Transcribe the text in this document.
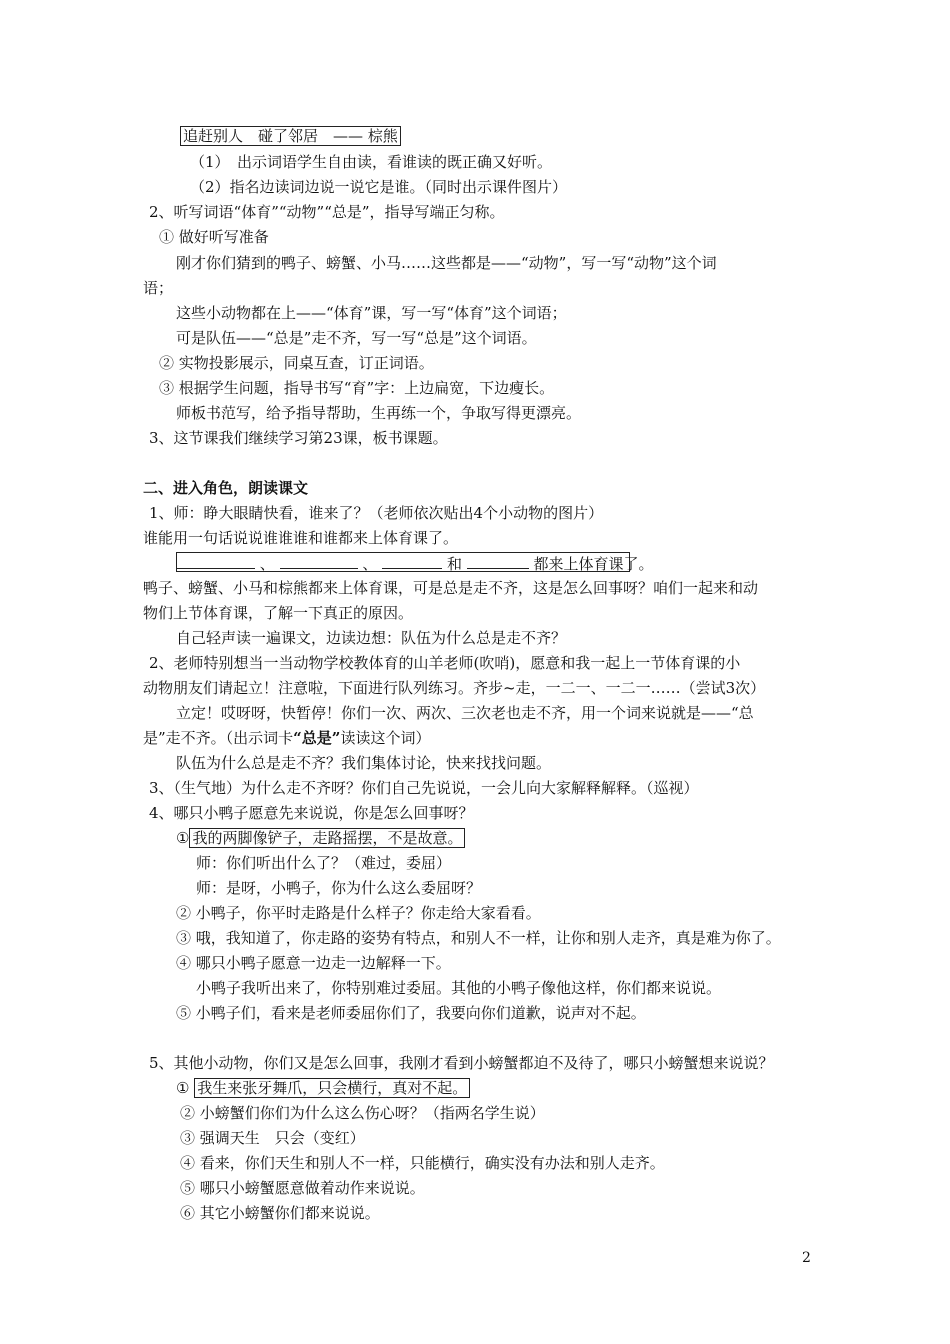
追赶别人　碰了邻居　—— 棕熊
（1）　出示词语学生自由读，看谁读的既正确又好听。
（2）指名边读词边说一说它是谁。（同时出示课件图片）
2、听写词语“体育”“动物”“总是”，指导写端正匀称。
① 做好听写准备
刚才你们猜到的鸭子、螃蟹、小马……这些都是——“动物”，写一写“动物”这个词
语；
这些小动物都在上——“体育”课，写一写“体育”这个词语；
可是队伍——“总是”走不齐，写一写“总是”这个词语。
② 实物投影展示，同桌互查，订正词语。
③ 根据学生问题，指导书写“育”字：上边扁宽，下边瘦长。
师板书范写，给予指导帮助，生再练一个，争取写得更漂亮。
3、这节课我们继续学习第23课，板书课题。
二、进入角色，朗读课文
1、师：睁大眼睛快看，谁来了？（老师依次贴出4个小动物的图片）
谁能用一句话说说谁谁谁和谁都来上体育课了。
、	、	和	都来上体育课了。
鸭子、螃蟹、小马和棕熊都来上体育课，可是总是走不齐，这是怎么回事呀？咱们一起来和动
物们上节体育课，了解一下真正的原因。
自己轻声读一遍课文，边读边想：队伍为什么总是走不齐？
2、老师特别想当一当动物学校教体育的山羊老师(吹哨)，愿意和我一起上一节体育课的小
动物朋友们请起立！注意啦，下面进行队列练习。齐步~走，一二一、一二一……（尝试3次）
立定！哎呀呀，快暂停！你们一次、两次、三次老也走不齐，用一个词来说就是——“总
是”走不齐。（出示词卡“总是”读读这个词）
队伍为什么总是走不齐？我们集体讨论，快来找找问题。
3、（生气地）为什么走不齐呀？你们自己先说说，一会儿向大家解释解释。（巡视）
4、哪只小鸭子愿意先来说说，你是怎么回事呀？
① 我的两脚像铲子，走路摇摆，不是故意。
师：你们听出什么了？（难过，委屈）
师：是呀，小鸭子，你为什么这么委屈呀？
② 小鸭子，你平时走路是什么样子？你走给大家看看。
③ 哦，我知道了，你走路的姿势有特点，和别人不一样，让你和别人走齐，真是难为你了。
④ 哪只小鸭子愿意一边走一边解释一下。
小鸭子我听出来了，你特别难过委屈。其他的小鸭子像他这样，你们都来说说。
⑤ 小鸭子们，看来是老师委屈你们了，我要向你们道歉，说声对不起。
5、其他小动物，你们又是怎么回事，我刚才看到小螃蟹都迫不及待了，哪只小螃蟹想来说说？
① 我生来张牙舞爪，只会横行，真对不起。
② 小螃蟹们你们为什么这么伤心呀？（指两名学生说）
③ 强调天生　只会（变红）
④ 看来，你们天生和别人不一样，只能横行，确实没有办法和别人走齐。
⑤ 哪只小螃蟹愿意做着动作来说说。
⑥ 其它小螃蟹你们都来说说。
2
